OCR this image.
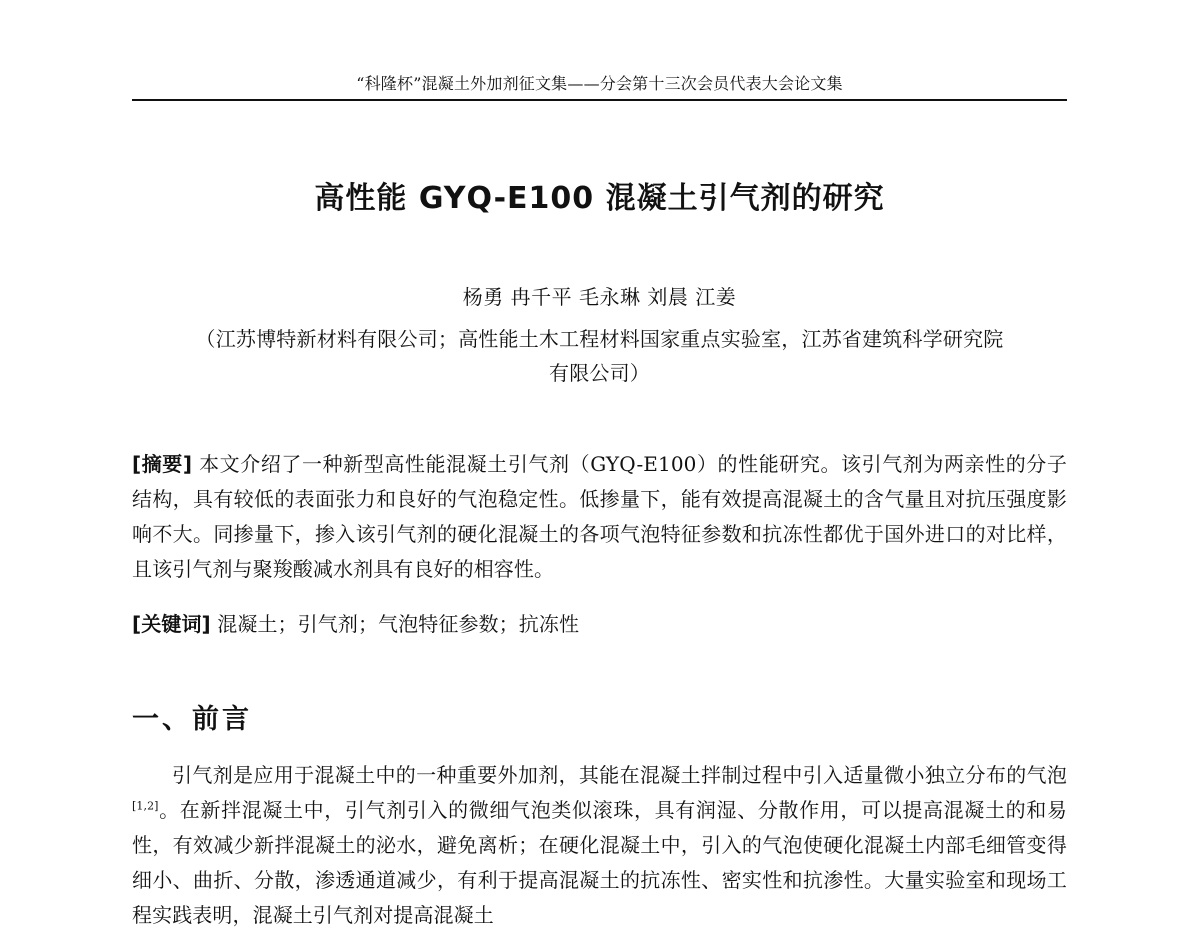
“科隆杯”混凝土外加剂征文集——分会第十三次会员代表大会论文集
高性能 GYQ-E100 混凝土引气剂的研究
杨勇 冉千平 毛永琳 刘晨 江姜
（江苏博特新材料有限公司；高性能土木工程材料国家重点实验室，江苏省建筑科学研究院
有限公司）
[摘要] 本文介绍了一种新型高性能混凝土引气剂（GYQ-E100）的性能研究。该引气剂为两亲性的分子结构，具有较低的表面张力和良好的气泡稳定性。低掺量下，能有效提高混凝土的含气量且对抗压强度影响不大。同掺量下，掺入该引气剂的硬化混凝土的各项气泡特征参数和抗冻性都优于国外进口的对比样，且该引气剂与聚羧酸减水剂具有良好的相容性。
[关键词] 混凝土；引气剂；气泡特征参数；抗冻性
一、前言

引气剂是应用于混凝土中的一种重要外加剂，其能在混凝土拌制过程中引入适量微小独立分布的气泡[1,2]。在新拌混凝土中，引气剂引入的微细气泡类似滚珠，具有润湿、分散作用，可以提高混凝土的和易性，有效减少新拌混凝土的泌水，避免离析；在硬化混凝土中，引入的气泡使硬化混凝土内部毛细管变得细小、曲折、分散，渗透通道减少，有利于提高混凝土的抗冻性、密实性和抗渗性。大量实验室和现场工程实践表明，混凝土引气剂对提高混凝土
